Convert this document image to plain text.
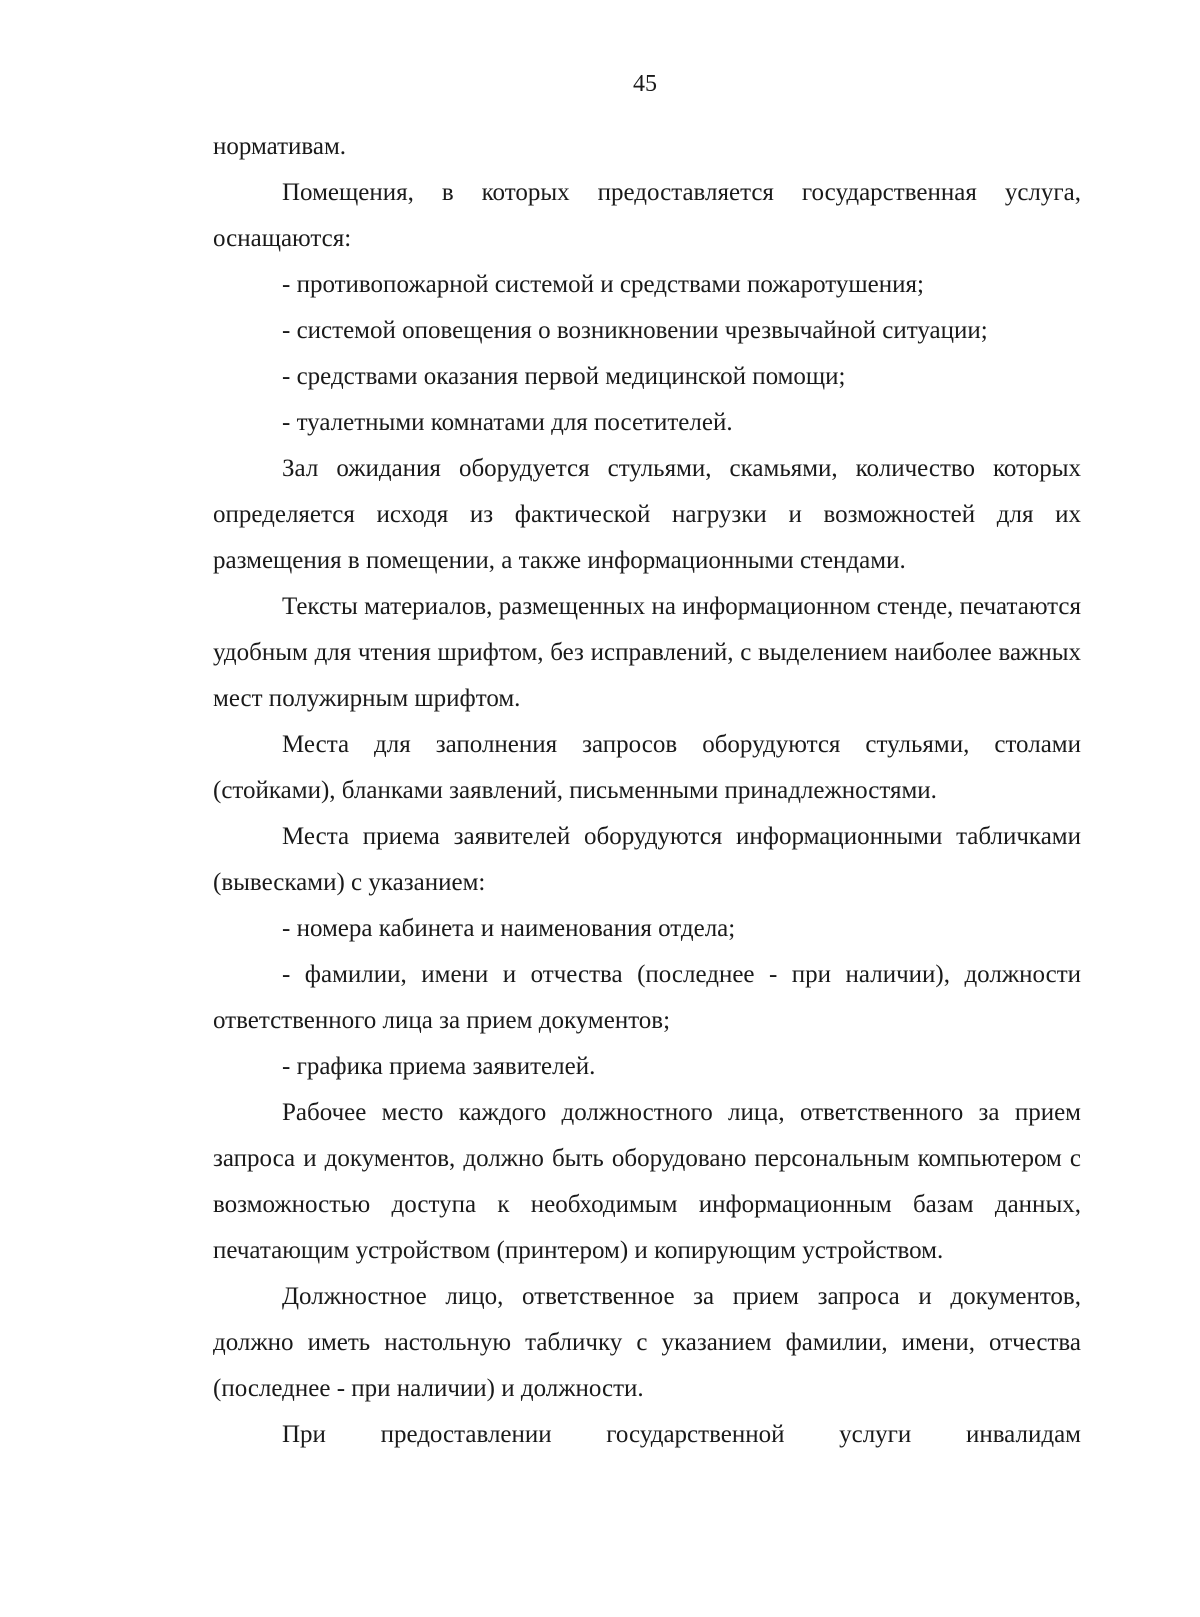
45

нормативам.

Помещения, в которых предоставляется государственная услуга, оснащаются:

- противопожарной системой и средствами пожаротушения;

- системой оповещения о возникновении чрезвычайной ситуации;

- средствами оказания первой медицинской помощи;

- туалетными комнатами для посетителей.

Зал ожидания оборудуется стульями, скамьями, количество которых определяется исходя из фактической нагрузки и возможностей для их размещения в помещении, а также информационными стендами.

Тексты материалов, размещенных на информационном стенде, печатаются удобным для чтения шрифтом, без исправлений, с выделением наиболее важных мест полужирным шрифтом.

Места для заполнения запросов оборудуются стульями, столами (стойками), бланками заявлений, письменными принадлежностями.

Места приема заявителей оборудуются информационными табличками (вывесками) с указанием:

- номера кабинета и наименования отдела;

- фамилии, имени и отчества (последнее - при наличии), должности ответственного лица за прием документов;

- графика приема заявителей.

Рабочее место каждого должностного лица, ответственного за прием запроса и документов, должно быть оборудовано персональным компьютером с возможностью доступа к необходимым информационным базам данных, печатающим устройством (принтером) и копирующим устройством.

Должностное лицо, ответственное за прием запроса и документов, должно иметь настольную табличку с указанием фамилии, имени, отчества (последнее - при наличии) и должности.

При предоставлении государственной услуги инвалидам
